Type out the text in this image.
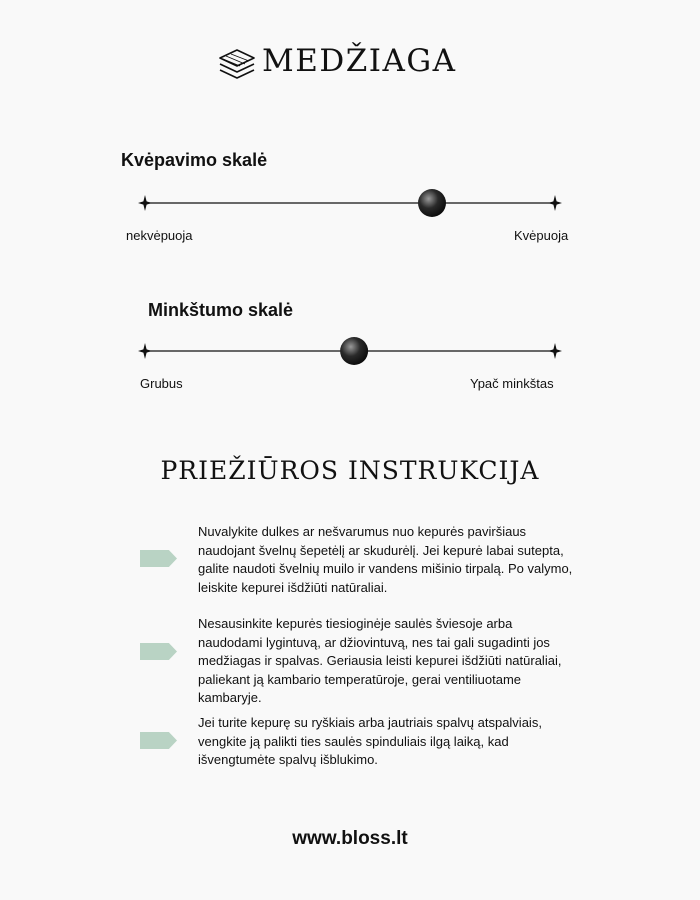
MEDŽIAGA
Kvėpavimo skalė
nekvėpuoja	Kvėpuoja
Minkštumo skalė
Grubus	Ypač minkštas
PRIEŽIŪROS INSTRUKCIJA
Nuvalykite dulkes ar nešvarumus nuo kepurės paviršiaus naudojant švelnų šepetėlį ar skudurėlį. Jei kepurė labai sutepta, galite naudoti švelnių muilo ir vandens mišinio tirpalą. Po valymo, leiskite kepurei išdžiūti natūraliai.
Nesausinkite kepurės tiesioginėje saulės šviesoje arba naudodami lygintuvą, ar džiovintuvą, nes tai gali sugadinti jos medžiagas ir spalvas. Geriausia leisti kepurei išdžiūti natūraliai, paliekant ją kambario temperatūroje, gerai ventiliuotame kambaryje.
Jei turite kepurę su ryškiais arba jautriais spalvų atspalviais, vengkite ją palikti ties saulės spinduliais ilgą laiką, kad išvengtumėte spalvų išblukimo.
www.bloss.lt
